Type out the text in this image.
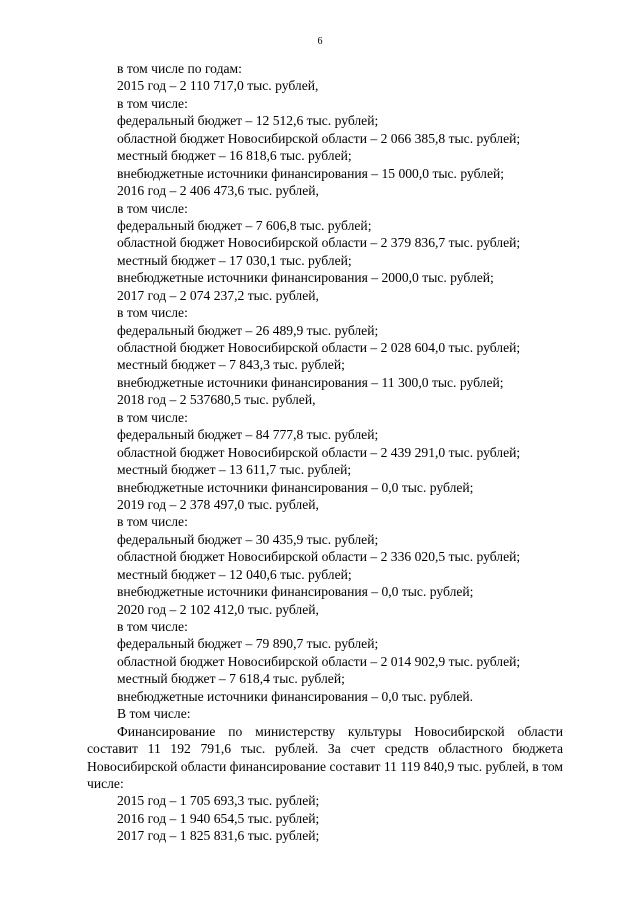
6
в том числе по годам:
2015 год – 2 110 717,0 тыс. рублей,
в том числе:
федеральный бюджет – 12 512,6 тыс. рублей;
областной бюджет Новосибирской области – 2 066 385,8 тыс. рублей;
местный бюджет – 16 818,6 тыс. рублей;
внебюджетные источники финансирования – 15 000,0 тыс. рублей;
2016 год – 2 406 473,6 тыс. рублей,
в том числе:
федеральный бюджет – 7 606,8 тыс. рублей;
областной бюджет Новосибирской области – 2 379 836,7 тыс. рублей;
местный бюджет – 17 030,1 тыс. рублей;
внебюджетные источники финансирования – 2000,0 тыс. рублей;
2017 год – 2 074 237,2 тыс. рублей,
в том числе:
федеральный бюджет – 26 489,9 тыс. рублей;
областной бюджет Новосибирской области – 2 028 604,0 тыс. рублей;
местный бюджет – 7 843,3 тыс. рублей;
внебюджетные источники финансирования – 11 300,0 тыс. рублей;
2018 год – 2 537680,5 тыс. рублей,
в том числе:
федеральный бюджет – 84 777,8 тыс. рублей;
областной бюджет Новосибирской области – 2 439 291,0 тыс. рублей;
местный бюджет – 13 611,7 тыс. рублей;
внебюджетные источники финансирования – 0,0 тыс. рублей;
2019 год – 2 378 497,0 тыс. рублей,
в том числе:
федеральный бюджет – 30 435,9 тыс. рублей;
областной бюджет Новосибирской области – 2 336 020,5 тыс. рублей;
местный бюджет – 12 040,6 тыс. рублей;
внебюджетные источники финансирования – 0,0 тыс. рублей;
2020 год – 2 102 412,0 тыс. рублей,
в том числе:
федеральный бюджет – 79 890,7 тыс. рублей;
областной бюджет Новосибирской области – 2 014 902,9 тыс. рублей;
местный бюджет – 7 618,4 тыс. рублей;
внебюджетные источники финансирования – 0,0 тыс. рублей.
В том числе:
Финансирование по министерству культуры Новосибирской области
составит 11 192 791,6 тыс. рублей. За счет средств областного бюджета
Новосибирской области финансирование составит 11 119 840,9 тыс. рублей, в том
числе:
2015 год – 1 705 693,3 тыс. рублей;
2016 год – 1 940 654,5 тыс. рублей;
2017 год – 1 825 831,6 тыс. рублей;
